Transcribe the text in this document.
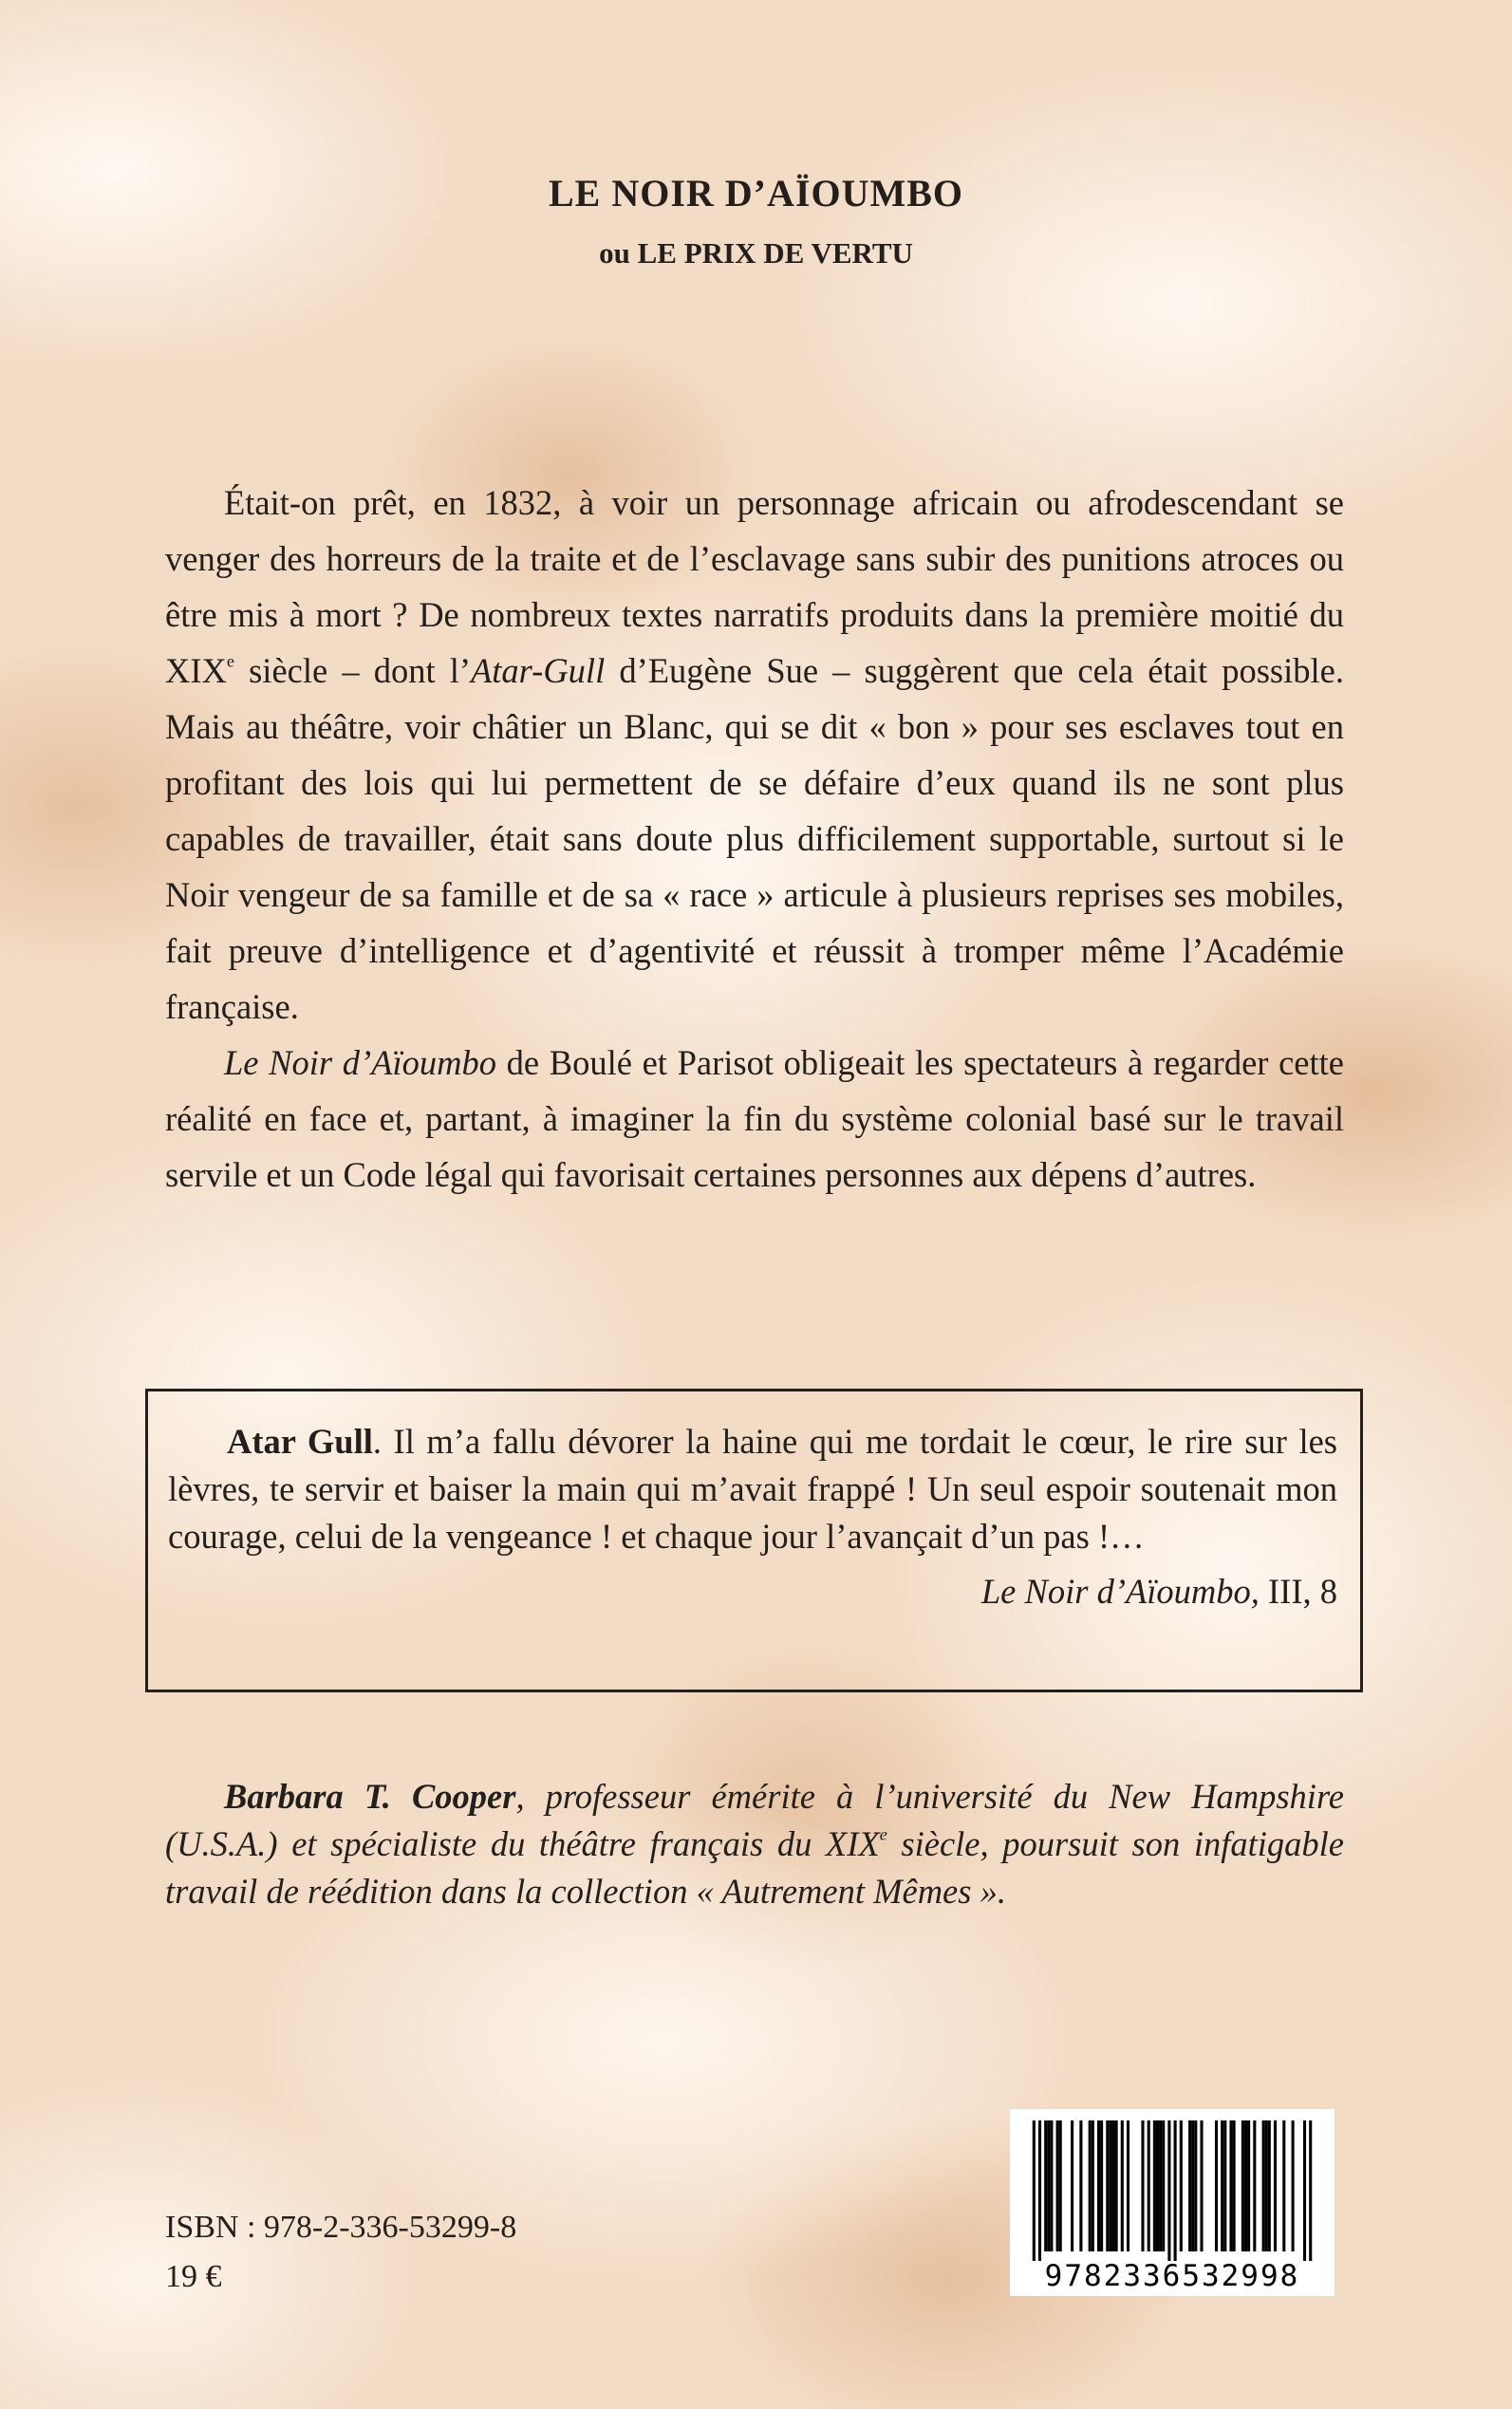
LE NOIR D’AÏOUMBO
ou LE PRIX DE VERTU

Était-on prêt, en 1832, à voir un personnage africain ou afrodescendant se venger des horreurs de la traite et de l’esclavage sans subir des punitions atroces ou être mis à mort ? De nombreux textes narratifs produits dans la première moitié du XIXe siècle – dont l’Atar-Gull d’Eugène Sue – suggèrent que cela était possible. Mais au théâtre, voir châtier un Blanc, qui se dit « bon » pour ses esclaves tout en profitant des lois qui lui permettent de se défaire d’eux quand ils ne sont plus capables de travailler, était sans doute plus difficilement supportable, surtout si le Noir vengeur de sa famille et de sa « race » articule à plusieurs reprises ses mobiles, fait preuve d’intelligence et d’agentivité et réussit à tromper même l’Académie française.

Le Noir d’Aïoumbo de Boulé et Parisot obligeait les spectateurs à regarder cette réalité en face et, partant, à imaginer la fin du système colonial basé sur le travail servile et un Code légal qui favorisait certaines personnes aux dépens d’autres.

Atar Gull. Il m’a fallu dévorer la haine qui me tordait le cœur, le rire sur les lèvres, te servir et baiser la main qui m’avait frappé ! Un seul espoir soutenait mon courage, celui de la vengeance ! et chaque jour l’avançait d’un pas !…

Le Noir d’Aïoumbo, III, 8

Barbara T. Cooper, professeur émérite à l’université du New Hampshire (U.S.A.) et spécialiste du théâtre français du XIXe siècle, poursuit son infatigable travail de réédition dans la collection « Autrement Mêmes ».

ISBN : 978-2-336-53299-8
19 €	9782336532998
